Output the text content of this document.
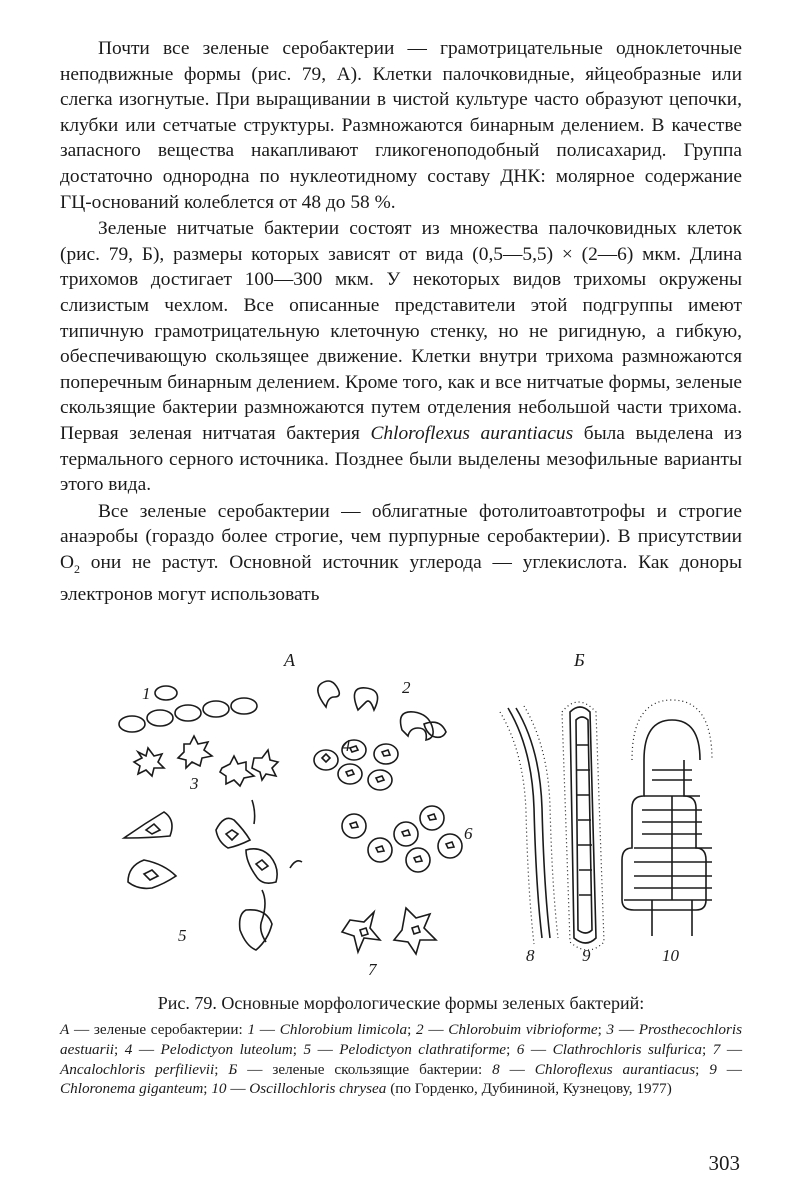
Почти все зеленые серобактерии — грамотрицательные одноклеточные неподвижные формы (рис. 79, А). Клетки палочковидные, яйцеобразные или слегка изогнутые. При выращивании в чистой культуре часто образуют цепочки, клубки или сетчатые структуры. Размножаются бинарным делением. В качестве запасного вещества накапливают гликогеноподобный полисахарид. Группа достаточно однородна по нуклеотидному составу ДНК: молярное содержание ГЦ-оснований колеблется от 48 до 58 %.

Зеленые нитчатые бактерии состоят из множества палочковидных клеток (рис. 79, Б), размеры которых зависят от вида (0,5—5,5) × (2—6) мкм. Длина трихомов достигает 100—300 мкм. У некоторых видов трихомы окружены слизистым чехлом. Все описанные представители этой подгруппы имеют типичную грамотрицательную клеточную стенку, но не ригидную, а гибкую, обеспечивающую скользящее движение. Клетки внутри трихома размножаются поперечным бинарным делением. Кроме того, как и все нитчатые формы, зеленые скользящие бактерии размножаются путем отделения небольшой части трихома. Первая зеленая нитчатая бактерия Chloroflexus aurantiacus была выделена из термального серного источника. Позднее были выделены мезофильные варианты этого вида.

Все зеленые серобактерии — облигатные фотолитоавтотрофы и строгие анаэробы (гораздо более строгие, чем пурпурные серобактерии). В присутствии $O_2$ они не растут. Основной источник углерода — углекислота. Как доноры электронов могут использовать

А	Б
1	2
3
4
5
6
7
8	9	10
Рис. 79. Основные морфологические формы зеленых бактерий:
А — зеленые серобактерии: 1 — Chlorobium limicola; 2 — Chlorobuim vibrioforme; 3 — Prosthecochloris aestuarii; 4 — Pelodictyon luteolum; 5 — Pelodictyon clathratiforme; 6 — Clathrochloris sulfurica; 7 — Ancalochloris perfilievii; Б — зеленые скользящие бактерии: 8 — Chloroflexus aurantiacus; 9 — Chloronema giganteum; 10 — Oscillochloris chrysea (по Горденко, Дубининой, Кузнецову, 1977)
303
